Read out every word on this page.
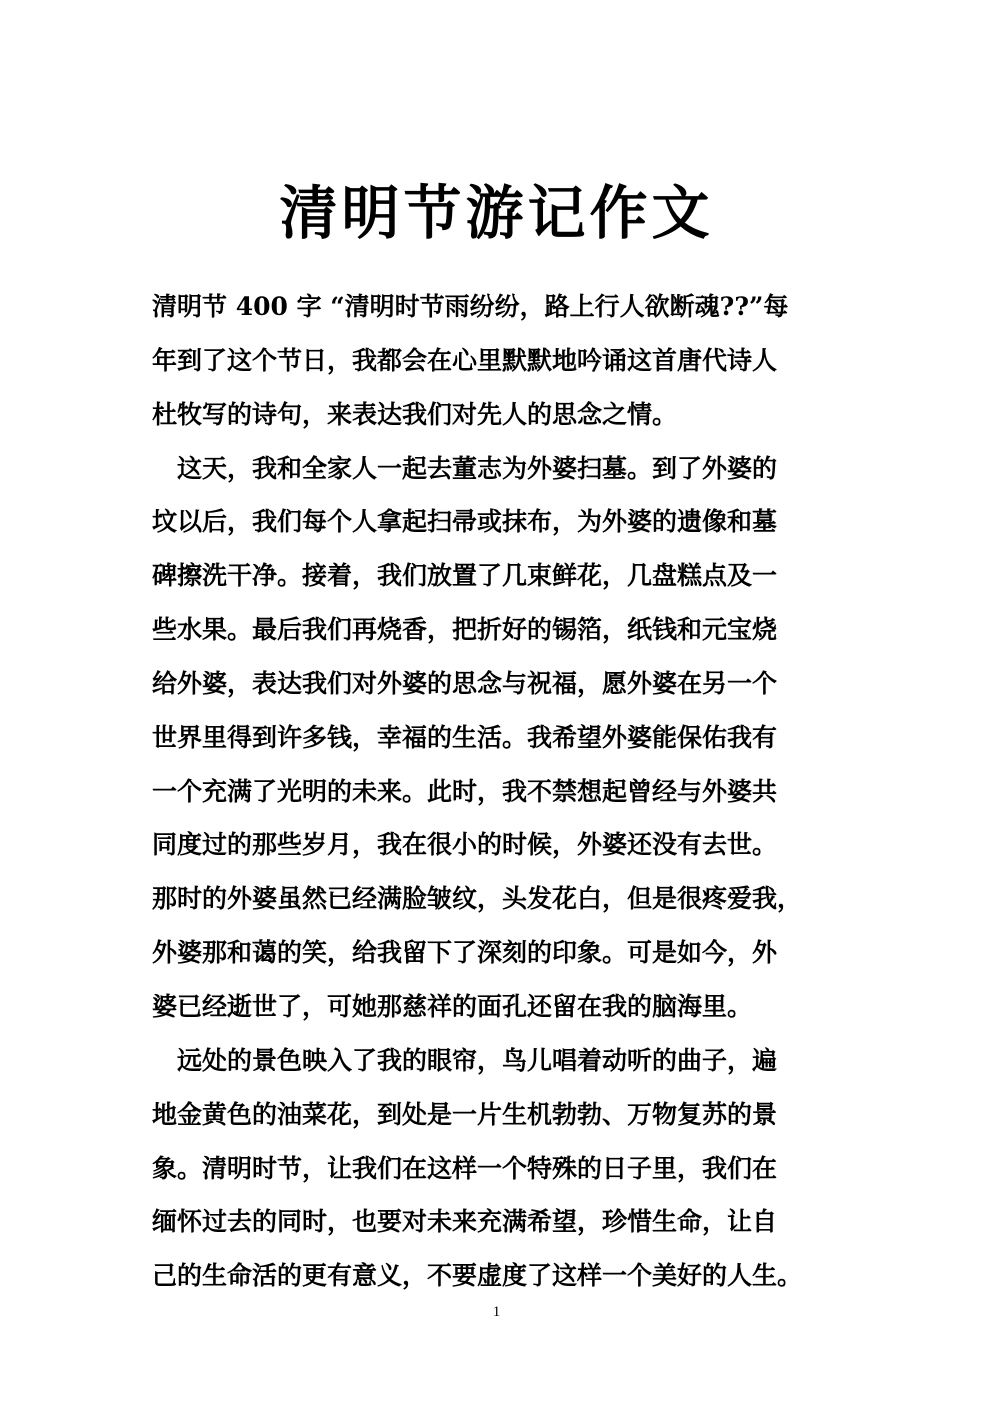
清明节游记作文
清明节 400 字 “清明时节雨纷纷，路上行人欲断魂??”每
年到了这个节日，我都会在心里默默地吟诵这首唐代诗人
杜牧写的诗句，来表达我们对先人的思念之情。
　这天，我和全家人一起去董志为外婆扫墓。到了外婆的
坟以后，我们每个人拿起扫帚或抹布，为外婆的遗像和墓
碑擦洗干净。接着，我们放置了几束鲜花，几盘糕点及一
些水果。最后我们再烧香，把折好的锡箔，纸钱和元宝烧
给外婆，表达我们对外婆的思念与祝福，愿外婆在另一个
世界里得到许多钱，幸福的生活。我希望外婆能保佑我有
一个充满了光明的未来。此时，我不禁想起曾经与外婆共
同度过的那些岁月，我在很小的时候，外婆还没有去世。
那时的外婆虽然已经满脸皱纹，头发花白，但是很疼爱我，
外婆那和蔼的笑，给我留下了深刻的印象。可是如今，外
婆已经逝世了，可她那慈祥的面孔还留在我的脑海里。
　远处的景色映入了我的眼帘，鸟儿唱着动听的曲子，遍
地金黄色的油菜花，到处是一片生机勃勃、万物复苏的景
象。清明时节，让我们在这样一个特殊的日子里，我们在
缅怀过去的同时，也要对未来充满希望，珍惜生命，让自
己的生命活的更有意义，不要虚度了这样一个美好的人生。
1
